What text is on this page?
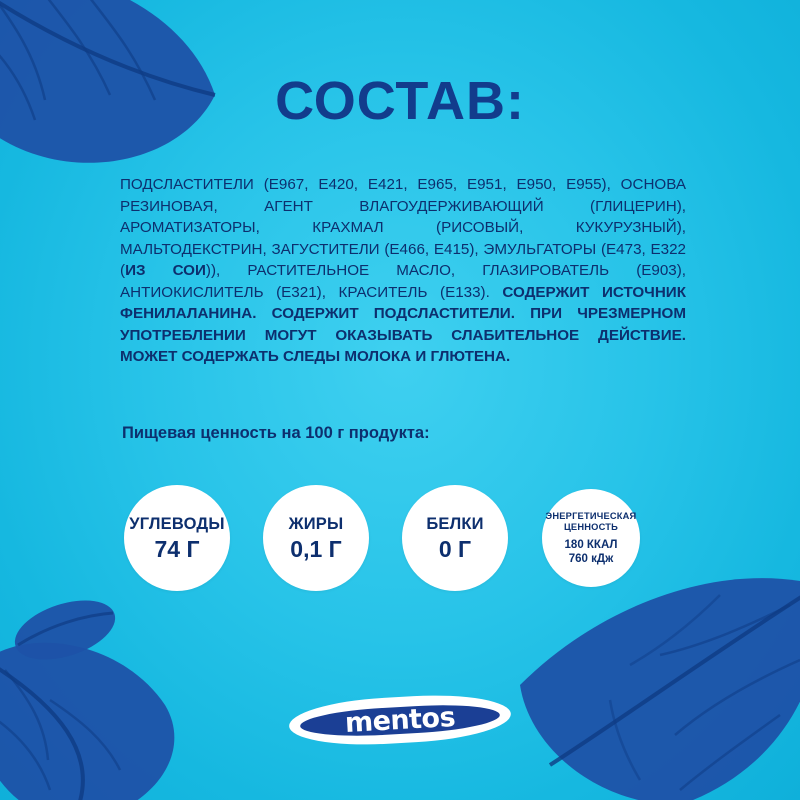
СОСТАВ:
ПОДСЛАСТИТЕЛИ (E967, E420, E421, E965, E951, E950, E955), ОСНОВА РЕЗИНОВАЯ, АГЕНТ ВЛАГОУДЕРЖИВАЮЩИЙ (ГЛИЦЕРИН), АРОМАТИЗАТОРЫ, КРАХМАЛ (РИСОВЫЙ, КУКУРУЗНЫЙ), МАЛЬТОДЕКСТРИН, ЗАГУСТИТЕЛИ (E466, E415), ЭМУЛЬГАТОРЫ (E473, E322 (ИЗ СОИ)), РАСТИТЕЛЬНОЕ МАСЛО, ГЛАЗИРОВАТЕЛЬ (E903), АНТИОКИСЛИТЕЛЬ (E321), КРАСИТЕЛЬ (E133). СОДЕРЖИТ ИСТОЧНИК ФЕНИЛАЛАНИНА. СОДЕРЖИТ ПОДСЛАСТИТЕЛИ. ПРИ ЧРЕЗМЕРНОМ УПОТРЕБЛЕНИИ МОГУТ ОКАЗЫВАТЬ СЛАБИТЕЛЬНОЕ ДЕЙСТВИЕ. МОЖЕТ СОДЕРЖАТЬ СЛЕДЫ МОЛОКА И ГЛЮТЕНА.
Пищевая ценность на 100 г продукта:
УГЛЕВОДЫ
74 Г
ЖИРЫ
0,1 Г
БЕЛКИ
0 Г
ЭНЕРГЕТИЧЕСКАЯ ЦЕННОСТЬ
180 ККАЛ
760 кДж
mentos
